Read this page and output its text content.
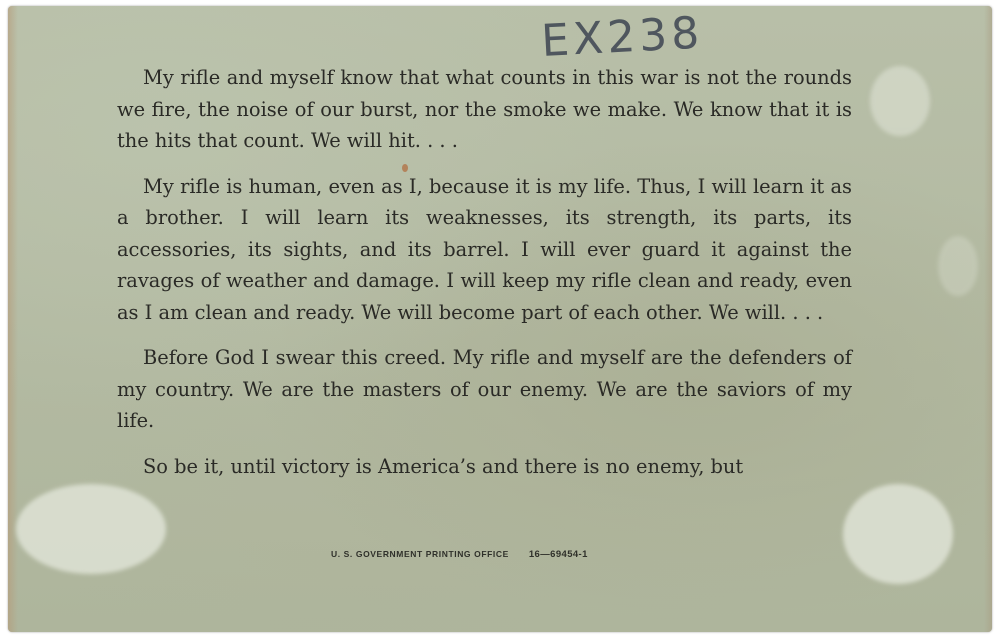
EX238

My rifle and myself know that what counts in this war is not the rounds we fire, the noise of our burst, nor the smoke we make. We know that it is the hits that count. We will hit. . . .

My rifle is human, even as I, because it is my life. Thus, I will learn it as a brother. I will learn its weaknesses, its strength, its parts, its accessories, its sights, and its barrel. I will ever guard it against the ravages of weather and damage. I will keep my rifle clean and ready, even as I am clean and ready. We will become part of each other. We will. . . .

Before God I swear this creed. My rifle and myself are the defenders of my country. We are the masters of our enemy. We are the saviors of my life.

So be it, until victory is America’s and there is no enemy, but

U. S. GOVERNMENT PRINTING OFFICE 16—69454-1
